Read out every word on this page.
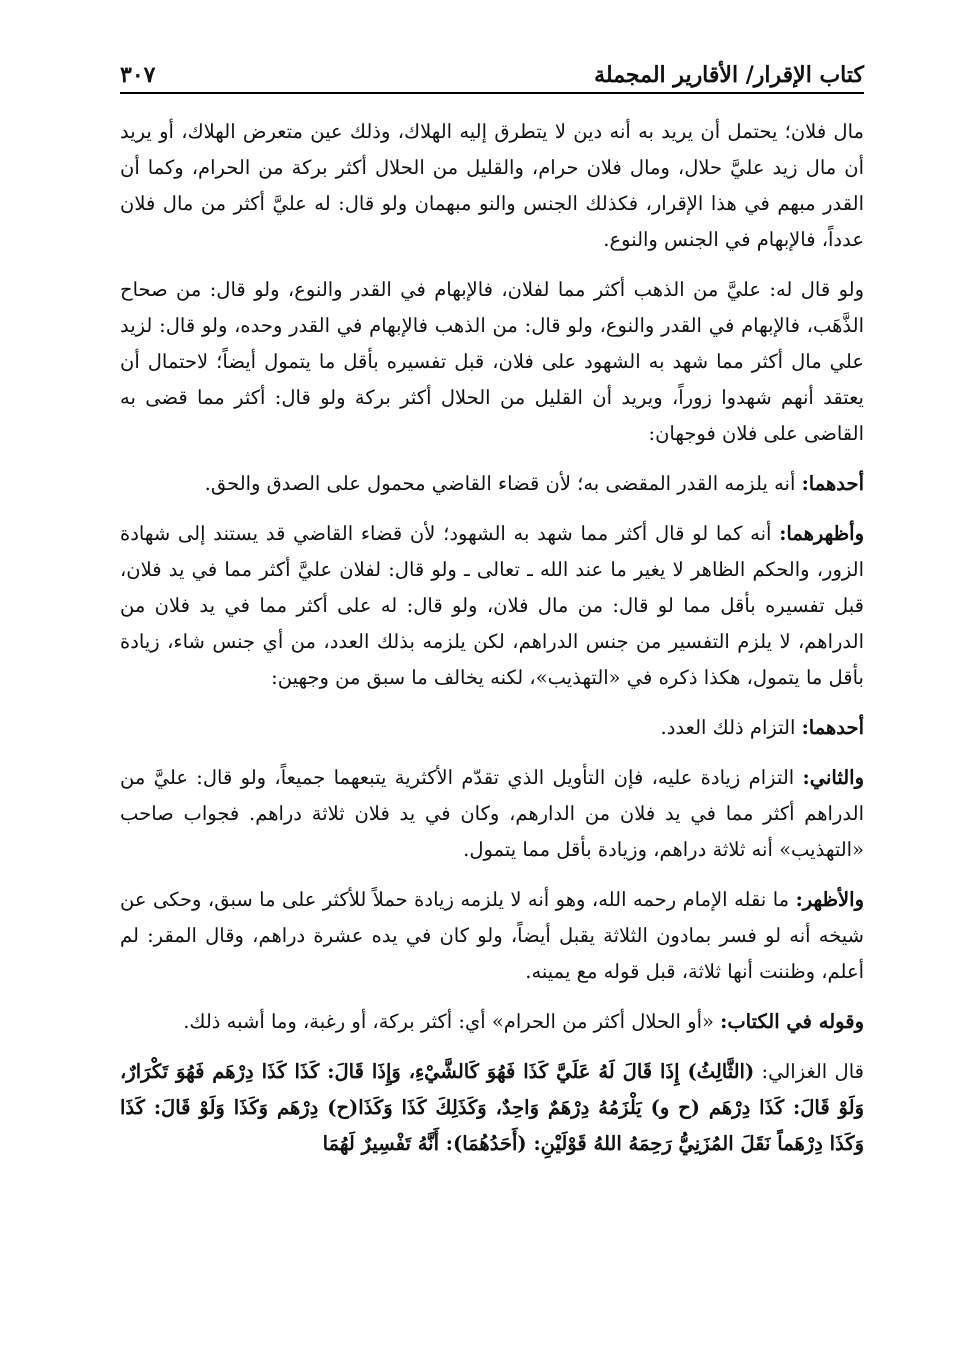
كتاب الإقرار/ الأقارير المجملة
٣٠٧

مال فلان؛ يحتمل أن يريد به أنه دين لا يتطرق إليه الهلاك، وذلك عين متعرض الهلاك، أو يريد أن مال زيد عليَّ حلال، ومال فلان حرام، والقليل من الحلال أكثر بركة من الحرام، وكما أن القدر مبهم في هذا الإقرار، فكذلك الجنس والنو مبهمان ولو قال: له عليَّ أكثر من مال فلان عدداً، فالإبهام في الجنس والنوع.

ولو قال له: عليَّ من الذهب أكثر مما لفلان، فالإبهام في القدر والنوع، ولو قال: من صحاح الذَّهَب، فالإبهام في القدر والنوع، ولو قال: من الذهب فالإبهام في القدر وحده، ولو قال: لزيد علي مال أكثر مما شهد به الشهود على فلان، قبل تفسيره بأقل ما يتمول أيضاً؛ لاحتمال أن يعتقد أنهم شهدوا زوراً، ويريد أن القليل من الحلال أكثر بركة ولو قال: أكثر مما قضى به القاضى على فلان فوجهان:

أحدهما: أنه يلزمه القدر المقضى به؛ لأن قضاء القاضي محمول على الصدق والحق.

وأظهرهما: أنه كما لو قال أكثر مما شهد به الشهود؛ لأن قضاء القاضي قد يستند إلى شهادة الزور، والحكم الظاهر لا يغير ما عند الله ـ تعالى ـ ولو قال: لفلان عليَّ أكثر مما في يد فلان، قبل تفسيره بأقل مما لو قال: من مال فلان، ولو قال: له على أكثر مما في يد فلان من الدراهم، لا يلزم التفسير من جنس الدراهم، لكن يلزمه بذلك العدد، من أي جنس شاء، زيادة بأقل ما يتمول، هكذا ذكره في «التهذيب»، لكنه يخالف ما سبق من وجهين:

أحدهما: التزام ذلك العدد.

والثاني: التزام زيادة عليه، فإن التأويل الذي تقدّم الأكثرية يتبعهما جميعاً، ولو قال: عليَّ من الدراهم أكثر مما في يد فلان من الدارهم، وكان في يد فلان ثلاثة دراهم. فجواب صاحب «التهذيب» أنه ثلاثة دراهم، وزيادة بأقل مما يتمول.

والأظهر: ما نقله الإمام رحمه الله، وهو أنه لا يلزمه زيادة حملاً للأكثر على ما سبق، وحكى عن شيخه أنه لو فسر بمادون الثلاثة يقبل أيضاً، ولو كان في يده عشرة دراهم، وقال المقر: لم أعلم، وظننت أنها ثلاثة، قبل قوله مع يمينه.

وقوله في الكتاب: «أو الحلال أكثر من الحرام» أي: أكثر بركة، أو رغبة، وما أشبه ذلك.

قال الغزالي: (الثَّالِثُ) إِذَا قَالَ لَهُ عَلَيَّ كَذَا فَهُوَ كَالشَّيْءِ، وَإِذَا قَالَ: كَذَا كَذَا دِرْهَم فَهُوَ تَكْرَارٌ، وَلَوْ قَالَ: كَذَا دِرْهَم (ح و) يَلْزَمُهُ دِرْهَمٌ وَاحِدٌ، وَكَذَلِكَ كَذَا وَكَذَا(ح) دِرْهَم وَكَذَا وَلَوْ قَالَ: كَذَا وَكَذَا دِرْهَماً نَقَلَ المُزَنِيُّ رَحِمَهُ اللهُ قَوْلَيْنِ: (أَحَدُهُمَا): أَنَّهُ تَفْسِيرٌ لَهُمَا
